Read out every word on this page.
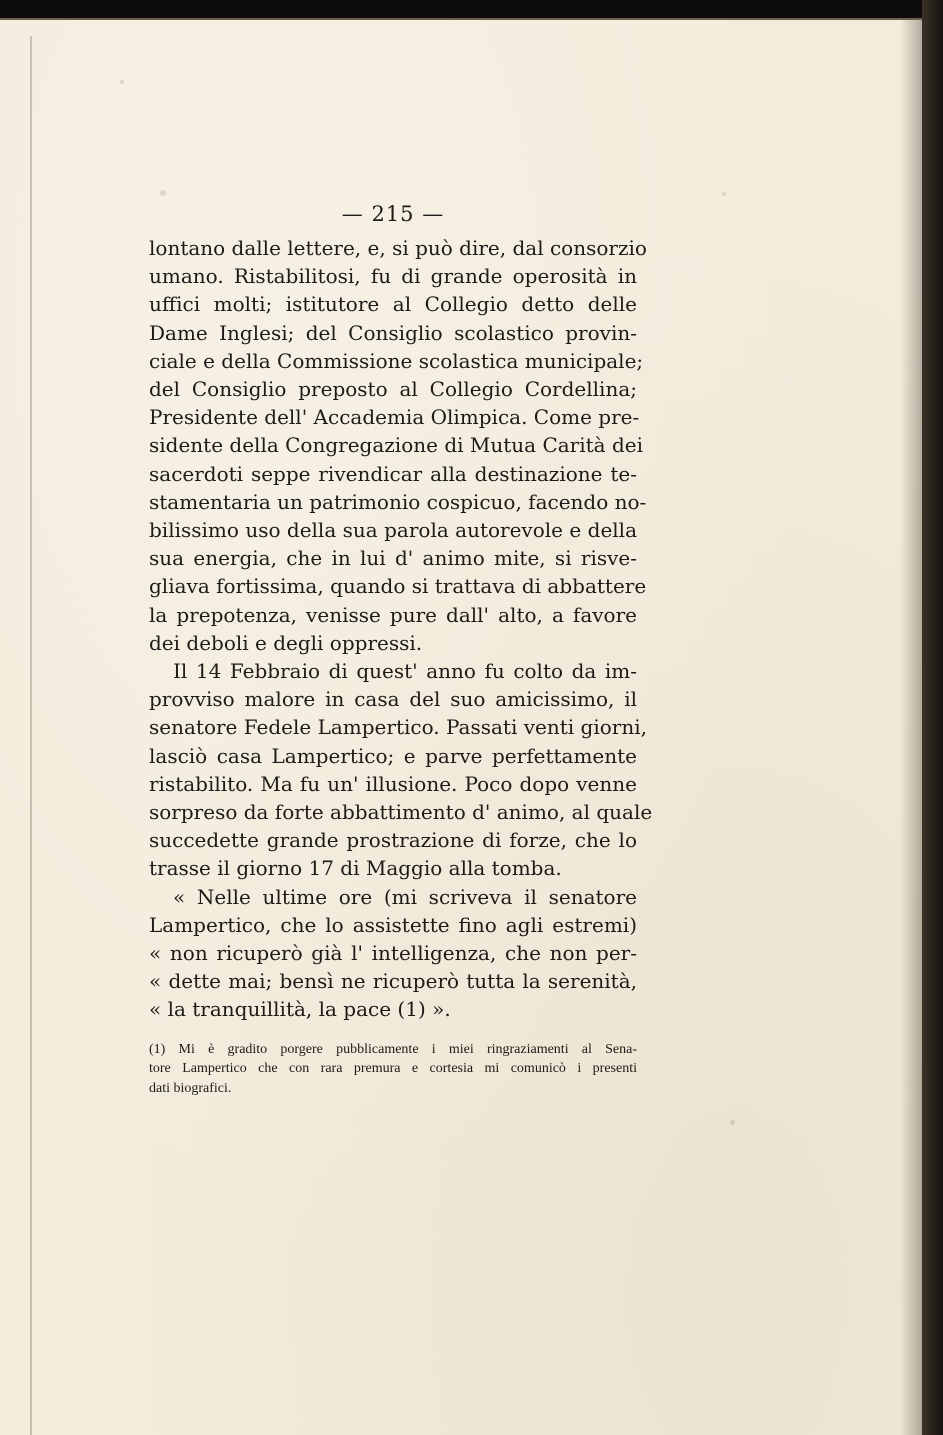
— 215 —
lontano dalle lettere, e, si può dire, dal consorzio
umano. Ristabilitosi, fu di grande operosità in
uffici molti; istitutore al Collegio detto delle
Dame Inglesi; del Consiglio scolastico provin-
ciale e della Commissione scolastica municipale;
del Consiglio preposto al Collegio Cordellina;
Presidente dell' Accademia Olimpica. Come pre-
sidente della Congregazione di Mutua Carità dei
sacerdoti seppe rivendicar alla destinazione te-
stamentaria un patrimonio cospicuo, facendo no-
bilissimo uso della sua parola autorevole e della
sua energia, che in lui d' animo mite, si risve-
gliava fortissima, quando si trattava di abbattere
la prepotenza, venisse pure dall' alto, a favore
dei deboli e degli oppressi.
Il 14 Febbraio di quest' anno fu colto da im-
provviso malore in casa del suo amicissimo, il
senatore Fedele Lampertico. Passati venti giorni,
lasciò casa Lampertico; e parve perfettamente
ristabilito. Ma fu un' illusione. Poco dopo venne
sorpreso da forte abbattimento d' animo, al quale
succedette grande prostrazione di forze, che lo
trasse il giorno 17 di Maggio alla tomba.
« Nelle ultime ore (mi scriveva il senatore
Lampertico, che lo assistette fino agli estremi)
« non ricuperò già l' intelligenza, che non per-
« dette mai; bensì ne ricuperò tutta la serenità,
« la tranquillità, la pace (1) ».
(1) Mi è gradito porgere pubblicamente i miei ringraziamenti al Sena-
tore Lampertico che con rara premura e cortesia mi comunicò i presenti
dati biografici.
